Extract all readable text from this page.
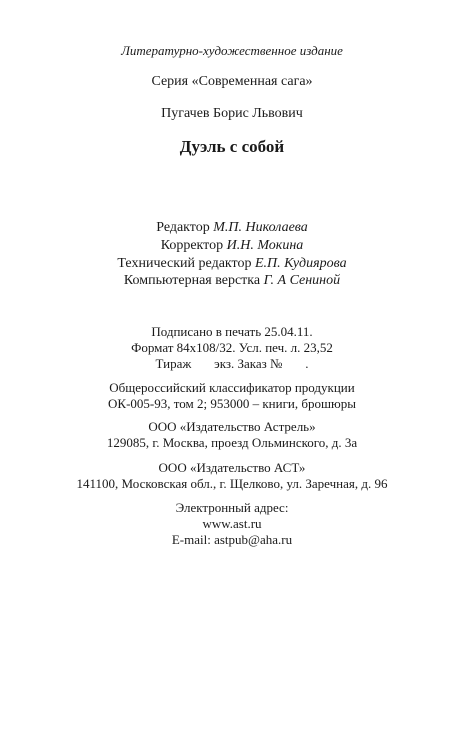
Литературно-художественное издание
Серия «Современная сага»
Пугачев Борис Львович
Дуэль с собой
Редактор М.П. Николаева
Корректор И.Н. Мокина
Технический редактор Е.П. Кудиярова
Компьютерная верстка Г. А Сениной
Подписано в печать 25.04.11.
Формат 84x108/32. Усл. печ. л. 23,52
Тираж       экз. Заказ №       .
Общероссийский классификатор продукции
ОК-005-93, том 2; 953000 – книги, брошюры
ООО «Издательство Астрель»
129085, г. Москва, проезд Ольминского, д. 3а
ООО «Издательство АСТ»
141100, Московская обл., г. Щелково, ул. Заречная, д. 96
Электронный адрес:
www.ast.ru
E-mail: astpub@aha.ru
